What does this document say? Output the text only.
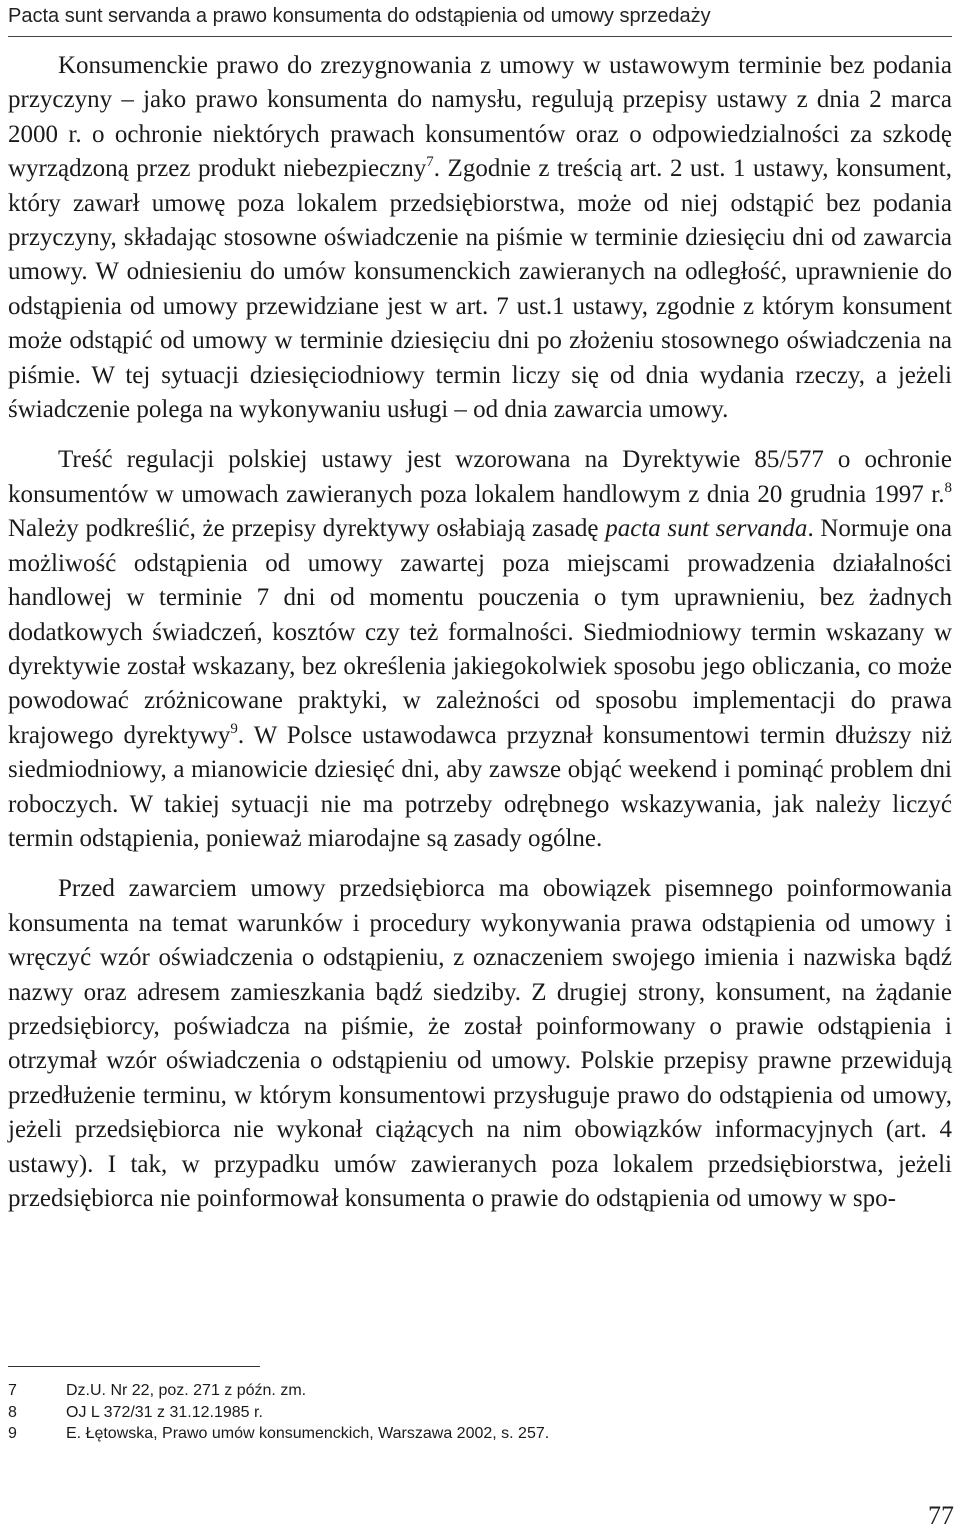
Pacta sunt servanda a prawo konsumenta do odstąpienia od umowy sprzedaży

Konsumenckie prawo do zrezygnowania z umowy w ustawowym terminie bez podania przyczyny – jako prawo konsumenta do namysłu, regulują przepisy ustawy z dnia 2 marca 2000 r. o ochronie niektórych prawach konsumentów oraz o odpowiedzialności za szkodę wyrządzoną przez produkt niebezpieczny$^7$. Zgodnie z treścią art. 2 ust. 1 ustawy, konsument, który zawarł umowę poza lokalem przedsiębiorstwa, może od niej odstąpić bez podania przyczyny, składając stosowne oświadczenie na piśmie w terminie dziesięciu dni od zawarcia umowy. W odniesieniu do umów konsumenckich zawieranych na odległość, uprawnienie do odstąpienia od umowy przewidziane jest w art. 7 ust.1 ustawy, zgodnie z którym konsument może odstąpić od umowy w terminie dziesięciu dni po złożeniu stosownego oświadczenia na piśmie. W tej sytuacji dziesięciodniowy termin liczy się od dnia wydania rzeczy, a jeżeli świadczenie polega na wykonywaniu usługi – od dnia zawarcia umowy.

Treść regulacji polskiej ustawy jest wzorowana na Dyrektywie 85/577 o ochronie konsumentów w umowach zawieranych poza lokalem handlowym z dnia 20 grudnia 1997 r.$^8$ Należy podkreślić, że przepisy dyrektywy osłabiają zasadę pacta sunt servanda. Normuje ona możliwość odstąpienia od umowy zawartej poza miejscami prowadzenia działalności handlowej w terminie 7 dni od momentu pouczenia o tym uprawnieniu, bez żadnych dodatkowych świadczeń, kosztów czy też formalności. Siedmiodniowy termin wskazany w dyrektywie został wskazany, bez określenia jakiegokolwiek sposobu jego obliczania, co może powodować zróżnicowane praktyki, w zależności od sposobu implementacji do prawa krajowego dyrektywy$^9$. W Polsce ustawodawca przyznał konsumentowi termin dłuższy niż siedmiodniowy, a mianowicie dziesięć dni, aby zawsze objąć weekend i pominąć problem dni roboczych. W takiej sytuacji nie ma potrzeby odrębnego wskazywania, jak należy liczyć termin odstąpienia, ponieważ miarodajne są zasady ogólne.

Przed zawarciem umowy przedsiębiorca ma obowiązek pisemnego poinformowania konsumenta na temat warunków i procedury wykonywania prawa odstąpienia od umowy i wręczyć wzór oświadczenia o odstąpieniu, z oznaczeniem swojego imienia i nazwiska bądź nazwy oraz adresem zamieszkania bądź siedziby. Z drugiej strony, konsument, na żądanie przedsiębiorcy, poświadcza na piśmie, że został poinformowany o prawie odstąpienia i otrzymał wzór oświadczenia o odstąpieniu od umowy. Polskie przepisy prawne przewidują przedłużenie terminu, w którym konsumentowi przysługuje prawo do odstąpienia od umowy, jeżeli przedsiębiorca nie wykonał ciążących na nim obowiązków informacyjnych (art. 4 ustawy). I tak, w przypadku umów zawieranych poza lokalem przedsiębiorstwa, jeżeli przedsiębiorca nie poinformował konsumenta o prawie do odstąpienia od umowy w spo-

7	Dz.U. Nr 22, poz. 271 z późn. zm.
8	OJ L 372/31 z 31.12.1985 r.
9	E. Łętowska, Prawo umów konsumenckich, Warszawa 2002, s. 257.
77
